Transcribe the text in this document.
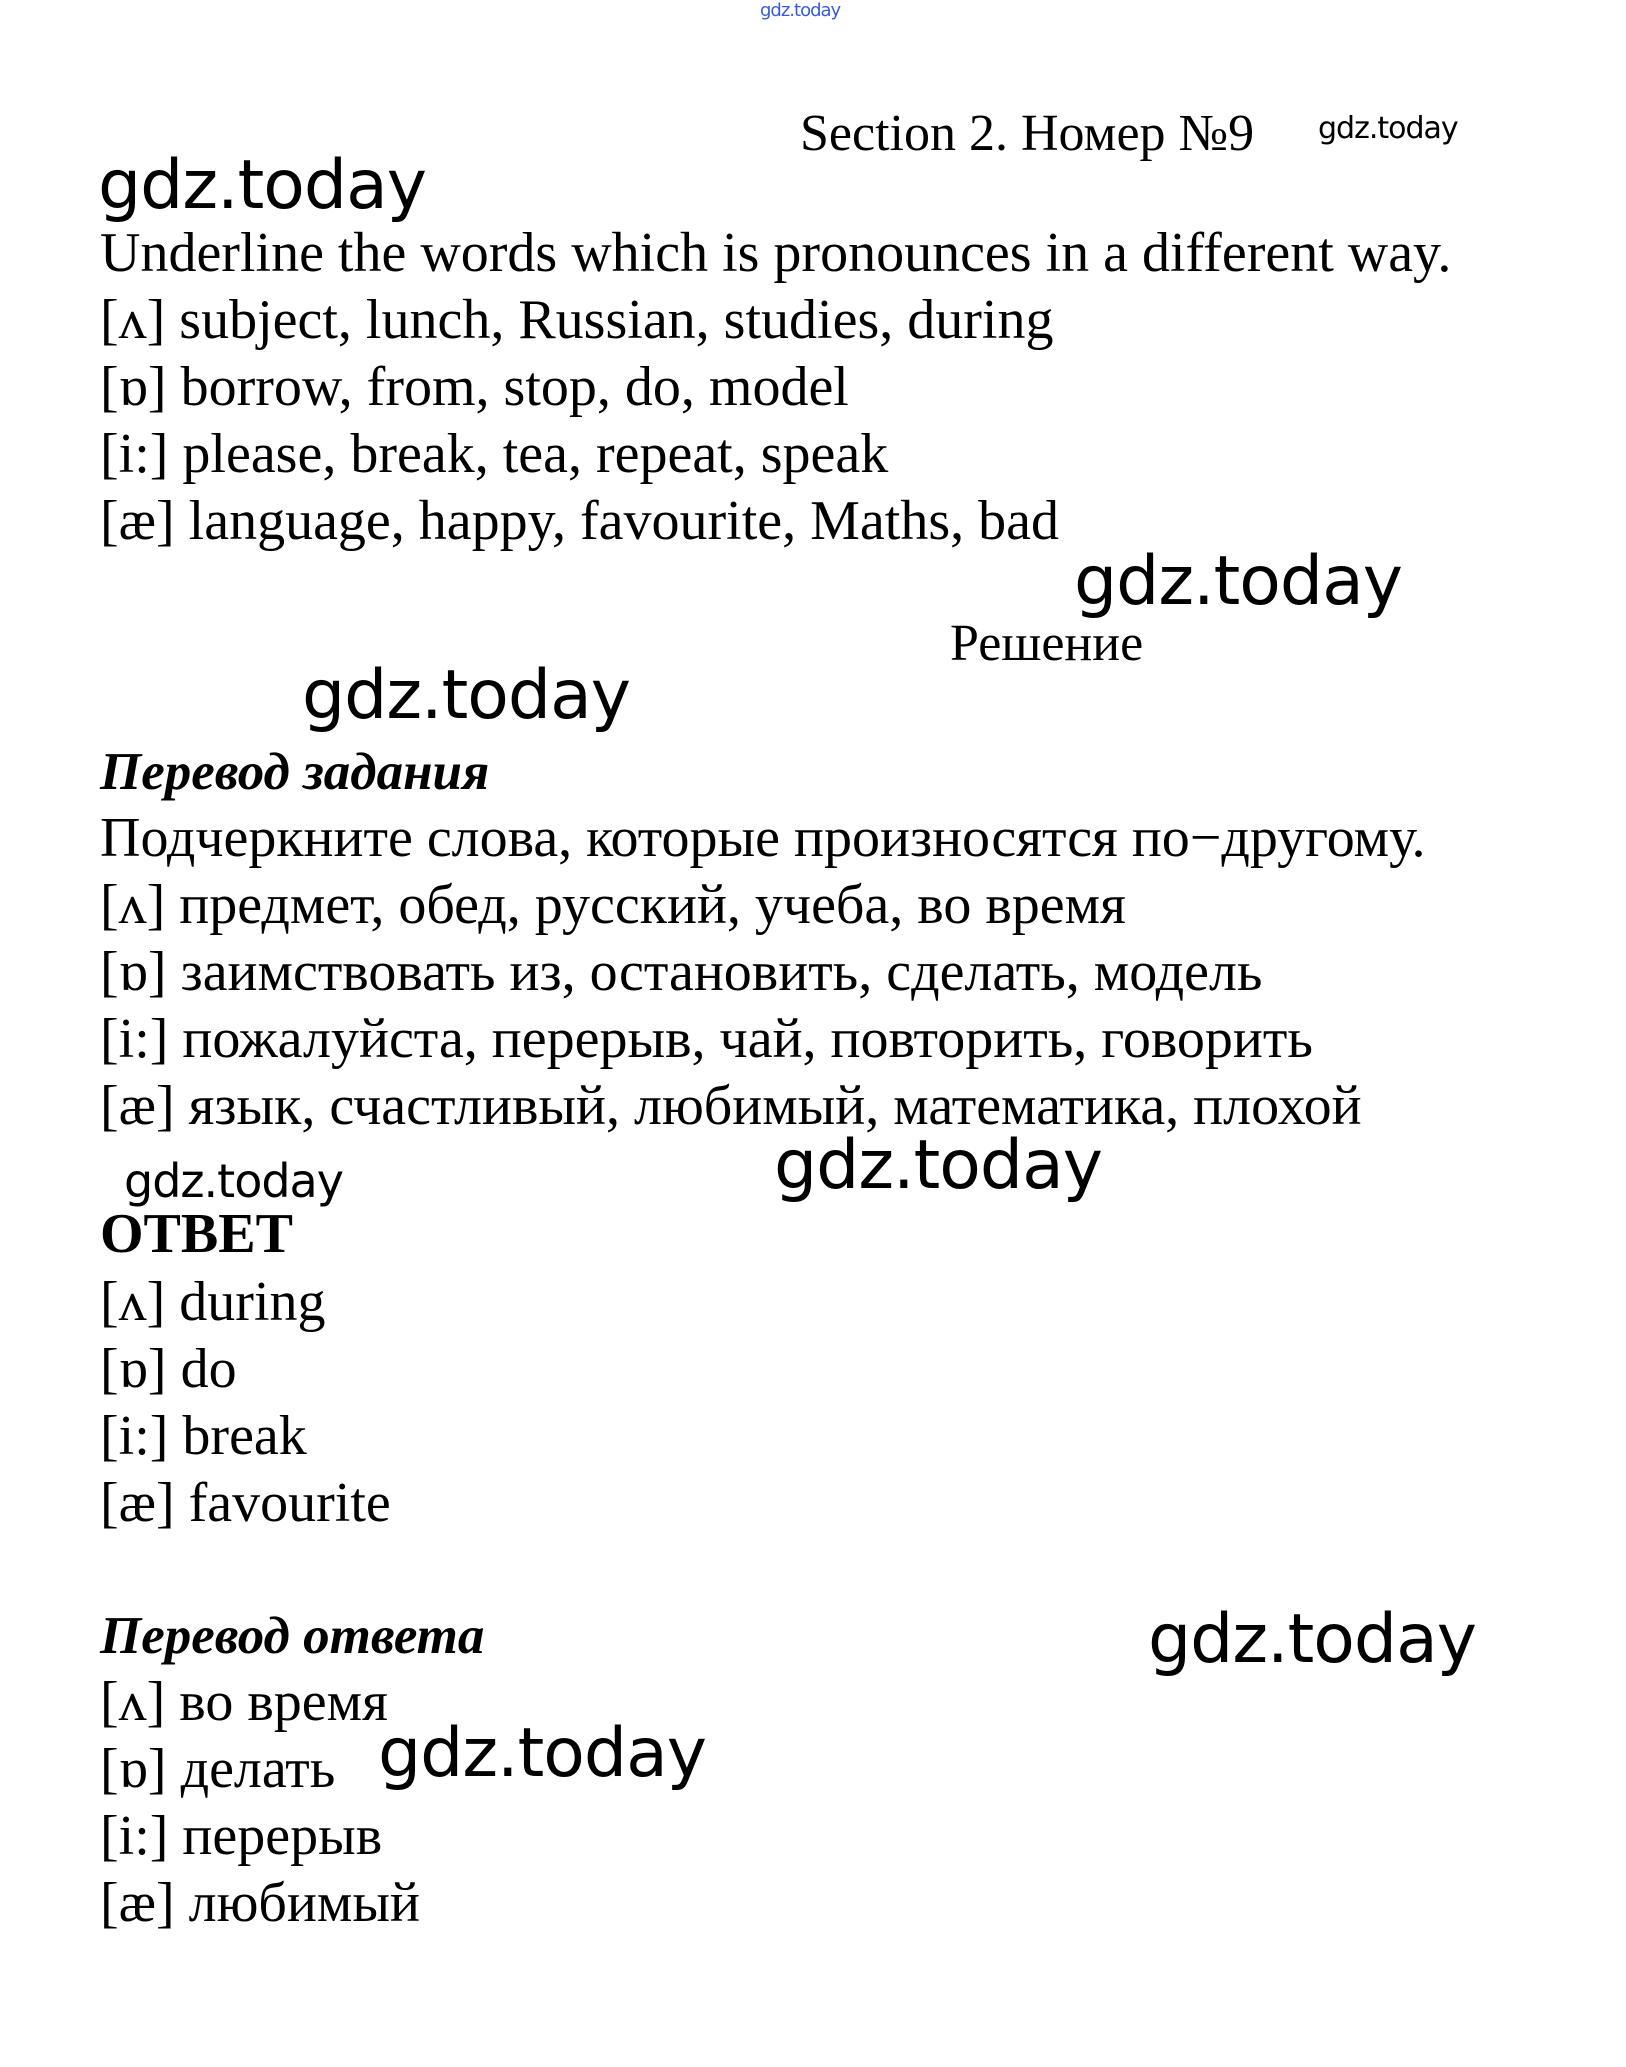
gdz.today
Section 2. Номер №9 gdz.today
gdz.today
Underline the words which is pronounces in a different way.
[ʌ] subject, lunch, Russian, studies, during
[ɒ] borrow, from, stop, do, model
[i:] please, break, tea, repeat, speak
[æ] language, happy, favourite, Maths, bad
gdz.today
Решение
gdz.today
Перевод задания
Подчеркните слова, которые произносятся по−другому.
[ʌ] предмет, обед, русский, учеба, во время
[ɒ] заимствовать из, остановить, сделать, модель
[i:] пожалуйста, перерыв, чай, повторить, говорить
[æ] язык, счастливый, любимый, математика, плохой
gdz.today	gdz.today
ОТВЕТ
[ʌ] during
[ɒ] do
[i:] break
[æ] favourite
Перевод ответа	gdz.today
[ʌ] во время
[ɒ] делать gdz.today
[i:] перерыв
[æ] любимый
